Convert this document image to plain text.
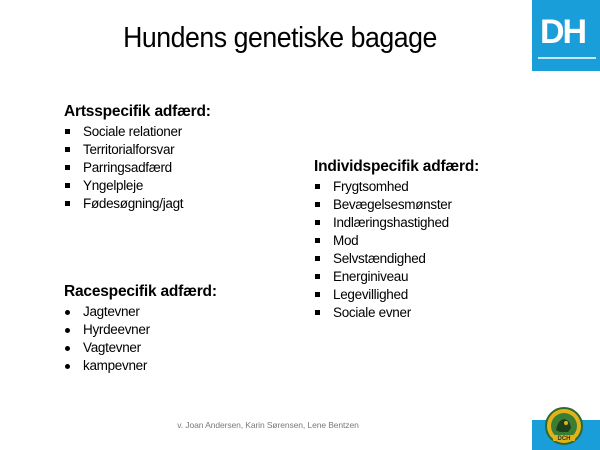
Hundens genetiske bagage	DH
DCH
Artsspecifik adfærd:
Sociale relationer
Territorialforsvar
Parringsadfærd
Yngelpleje
Fødesøgning/jagt
Racespecifik adfærd:
Jagtevner
Hyrdeevner
Vagtevner
kampevner
Individspecifik adfærd:
Frygtsomhed
Bevægelsesmønster
Indlæringshastighed
Mod
Selvstændighed
Energiniveau
Legevillighed
Sociale evner
v. Joan Andersen, Karin Sørensen, Lene Bentzen
